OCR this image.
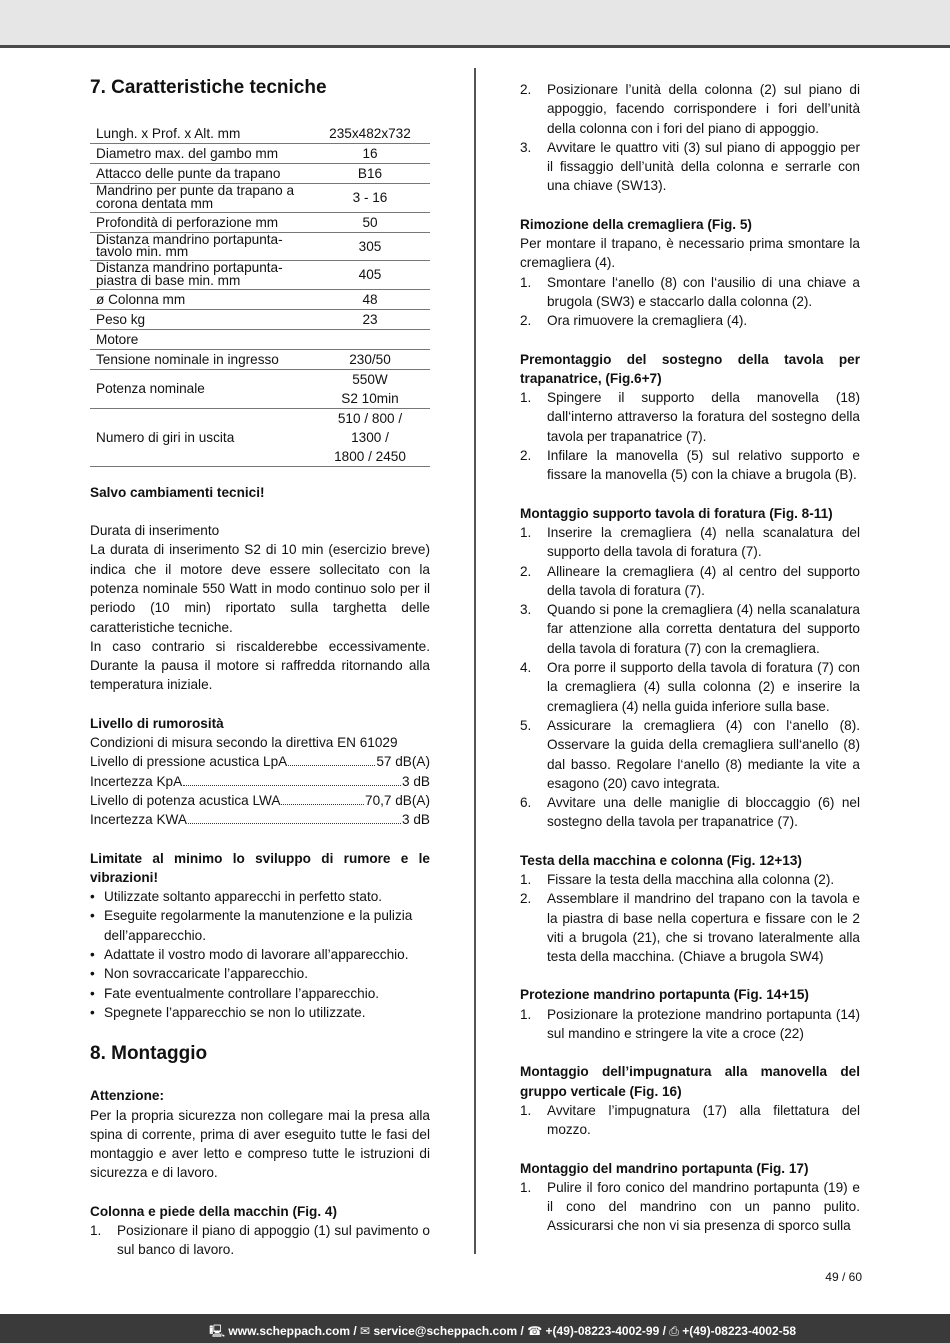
7. Caratteristiche tecniche
Lungh. x Prof. x Alt. mm	235x482x732
Diametro max. del gambo mm	16
Attacco delle punte da trapano	B16
Mandrino per punte da trapano a corona dentata mm	3 - 16
Profondità di perforazione mm	50
Distanza mandrino portapunta-tavolo min. mm	305
Distanza mandrino portapunta-piastra di base min. mm	405
ø Colonna mm	48
Peso kg	23
Motore	
Tensione nominale in ingresso	230/50
Potenza nominale	550W
S2 10min

Numero di giri in uscita	510 / 800 /
1300 /
1800 / 2450

Salvo cambiamenti tecnici!

Durata di inserimento

La durata di inserimento S2 di 10 min (esercizio breve) indica che il motore deve essere sollecitato con la potenza nominale 550 Watt in modo continuo solo per il periodo (10 min) riportato sulla targhetta delle caratteristiche tecniche.

In caso contrario si riscalderebbe eccessivamente. Durante la pausa il motore si raffredda ritornando alla temperatura iniziale.

Livello di rumorosità

Condizioni di misura secondo la direttiva EN 61029

Livello di pressione acustica LpA	57 dB(A)
Incertezza KpA	3 dB
Livello di potenza acustica LWA	70,7 dB(A)
Incertezza KWA	3 dB

Limitate al minimo lo sviluppo di rumore e le vibrazioni!

• Utilizzate soltanto apparecchi in perfetto stato.
• Eseguite regolarmente la manutenzione e la pulizia dell’apparecchio.
• Adattate il vostro modo di lavorare all’apparecchio.
• Non sovraccaricate l’apparecchio.
• Fate eventualmente controllare l’apparecchio.
• Spegnete l’apparecchio se non lo utilizzate.
8. Montaggio

Attenzione:

Per la propria sicurezza non collegare mai la presa alla spina di corrente, prima di aver eseguito tutte le fasi del montaggio e aver letto e compreso tutte le istruzioni di sicurezza e di lavoro.

Colonna e piede della macchin (Fig. 4)

1. Posizionare il piano di appoggio (1) sul pavimento o sul banco di lavoro.
2. Posizionare l’unità della colonna (2) sul piano di appoggio, facendo corrispondere i fori dell’unità della colonna con i fori del piano di appoggio.
3. Avvitare le quattro viti (3) sul piano di appoggio per il fissaggio dell’unità della colonna e serrarle con una chiave (SW13).

Rimozione della cremagliera (Fig. 5)

Per montare il trapano, è necessario prima smontare la cremagliera (4).

1. Smontare l‘anello (8) con l‘ausilio di una chiave a brugola (SW3) e staccarlo dalla colonna (2).
2. Ora rimuovere la cremagliera (4).

Premontaggio del sostegno della tavola per trapanatrice, (Fig.6+7)

1. Spingere il supporto della manovella (18) dall‘interno attraverso la foratura del sostegno della tavola per trapanatrice (7).
2. Infilare la manovella (5) sul relativo supporto e fissare la manovella (5) con la chiave a brugola (B).

Montaggio supporto tavola di foratura (Fig. 8-11)

1. Inserire la cremagliera (4) nella scanalatura del supporto della tavola di foratura (7).
2. Allineare la cremagliera (4) al centro del supporto della tavola di foratura (7).
3. Quando si pone la cremagliera (4) nella scanalatura far attenzione alla corretta dentatura del supporto della tavola di foratura (7) con la cremagliera.
4. Ora porre il supporto della tavola di foratura (7) con la cremagliera (4) sulla colonna (2) e inserire la cremagliera (4) nella guida inferiore sulla base.
5. Assicurare la cremagliera (4) con l‘anello (8). Osservare la guida della cremagliera sull‘anello (8) dal basso. Regolare l‘anello (8) mediante la vite a esagono (20) cavo integrata.
6. Avvitare una delle maniglie di bloccaggio (6) nel sostegno della tavola per trapanatrice (7).

Testa della macchina e colonna (Fig. 12+13)

1. Fissare la testa della macchina alla colonna (2).
2. Assemblare il mandrino del trapano con la tavola e la piastra di base nella copertura e fissare con le 2 viti a brugola (21), che si trovano lateralmente alla testa della macchina. (Chiave a brugola SW4)

Protezione mandrino portapunta (Fig. 14+15)

1. Posizionare la protezione mandrino portapunta (14) sul mandino e stringere la vite a croce (22)

Montaggio dell’impugnatura alla manovella del gruppo verticale (Fig. 16)

1. Avvitare l’impugnatura (17) alla filettatura del mozzo.

Montaggio del mandrino portapunta (Fig. 17)

1. Pulire il foro conico del mandrino portapunta (19) e il cono del mandrino con un panno pulito. Assicurarsi che non vi sia presenza di sporco sulla
49 / 60
🖳 www.scheppach.com / ✉ service@scheppach.com / ☎ +(49)-08223-4002-99 / ⎙ +(49)-08223-4002-58
